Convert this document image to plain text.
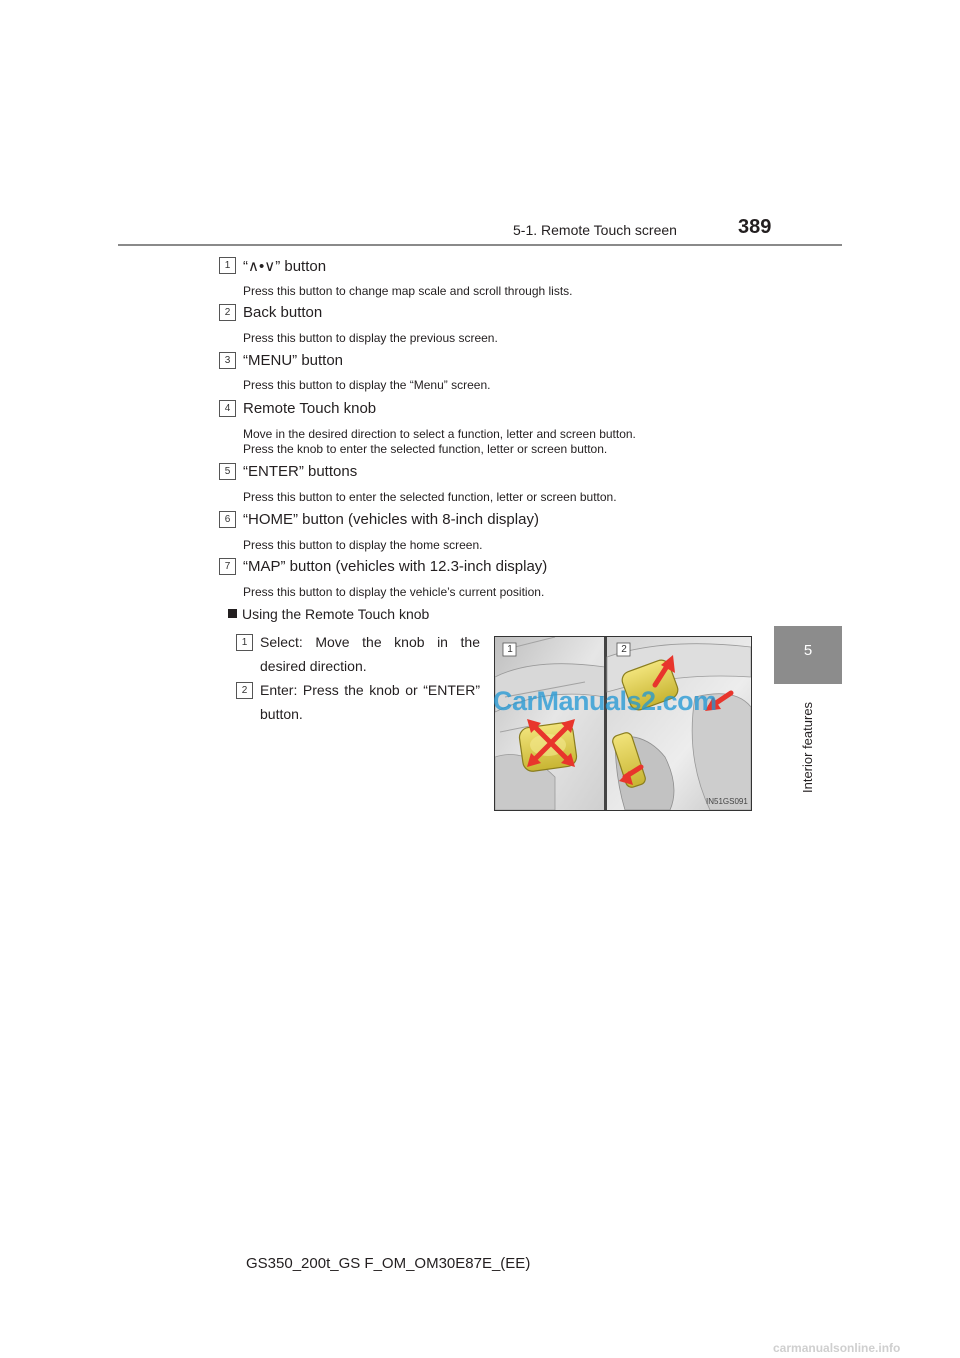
5-1. Remote Touch screen	389
5
Interior features
1 “∧•∨” button
Press this button to change map scale and scroll through lists.
2 Back button
Press this button to display the previous screen.
3 “MENU” button
Press this button to display the “Menu” screen.
4 Remote Touch knob
Move in the desired direction to select a function, letter and screen button.
Press the knob to enter the selected function, letter or screen button.
5 “ENTER” buttons
Press this button to enter the selected function, letter or screen button.
6 “HOME” button (vehicles with 8-inch display)
Press this button to display the home screen.
7 “MAP” button (vehicles with 12.3-inch display)
Press this button to display the vehicle’s current position.
Using the Remote Touch knob
1 Select: Move the knob in the desired direction.
2 Enter: Press the knob or “ENTER” button.
1	2
IN51GS091
CarManuals2.com
GS350_200t_GS F_OM_OM30E87E_(EE)
carmanualsonline.info
